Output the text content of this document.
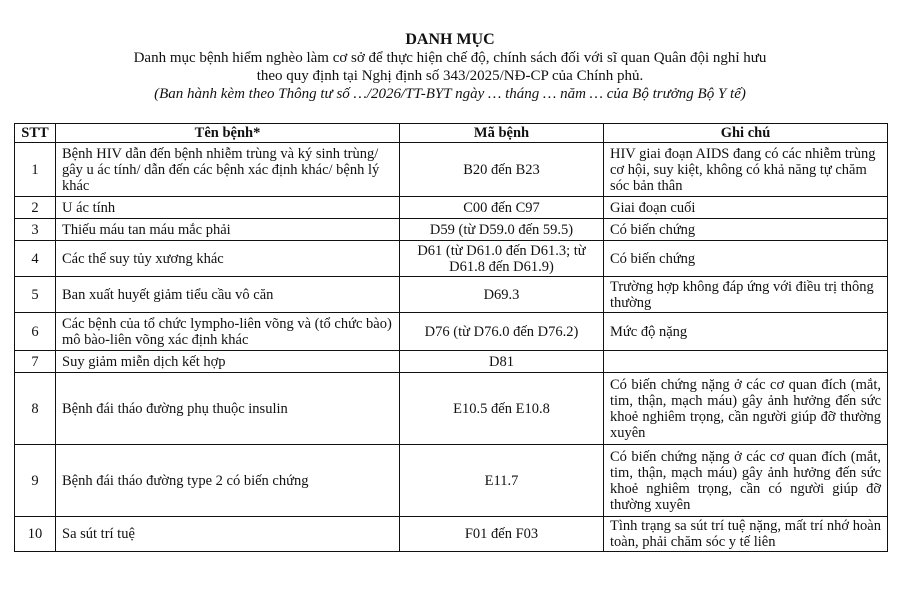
DANH MỤC
Danh mục bệnh hiểm nghèo làm cơ sở để thực hiện chế độ, chính sách đối với sĩ quan Quân đội nghỉ hưu
theo quy định tại Nghị định số 343/2025/NĐ-CP của Chính phủ.
(Ban hành kèm theo Thông tư số …/2026/TT-BYT ngày … tháng … năm … của Bộ trưởng Bộ Y tế)
STT	Tên bệnh*	Mã bệnh	Ghi chú
1	Bệnh HIV dẫn đến bệnh nhiễm trùng và ký sinh trùng/ gây u ác tính/ dẫn đến các bệnh xác định khác/ bệnh lý khác	B20 đến B23	HIV giai đoạn AIDS đang có các nhiễm trùng cơ hội, suy kiệt, không có khả năng tự chăm sóc bản thân
2	U ác tính	C00 đến C97	Giai đoạn cuối
3	Thiếu máu tan máu mắc phải	D59 (từ D59.0 đến 59.5)	Có biến chứng
4	Các thể suy tủy xương khác	D61 (từ D61.0 đến D61.3; từ D61.8 đến D61.9)	Có biến chứng
5	Ban xuất huyết giảm tiểu cầu vô căn	D69.3	Trường hợp không đáp ứng với điều trị thông thường
6	Các bệnh của tổ chức lympho-liên võng và (tổ chức bào) mô bào-liên võng xác định khác	D76 (từ D76.0 đến D76.2)	Mức độ nặng
7	Suy giảm miễn dịch kết hợp	D81	
8	Bệnh đái tháo đường phụ thuộc insulin	E10.5 đến E10.8	Có biến chứng nặng ở các cơ quan đích (mắt, tim, thận, mạch máu) gây ảnh hưởng đến sức khoẻ nghiêm trọng, cần người giúp đỡ thường xuyên
9	Bệnh đái tháo đường type 2 có biến chứng	E11.7	Có biến chứng nặng ở các cơ quan đích (mắt, tim, thận, mạch máu) gây ảnh hưởng đến sức khoẻ nghiêm trọng, cần có người giúp đỡ thường xuyên
10	Sa sút trí tuệ	F01 đến F03	Tình trạng sa sút trí tuệ nặng, mất trí nhớ hoàn toàn, phải chăm sóc y tế liên
